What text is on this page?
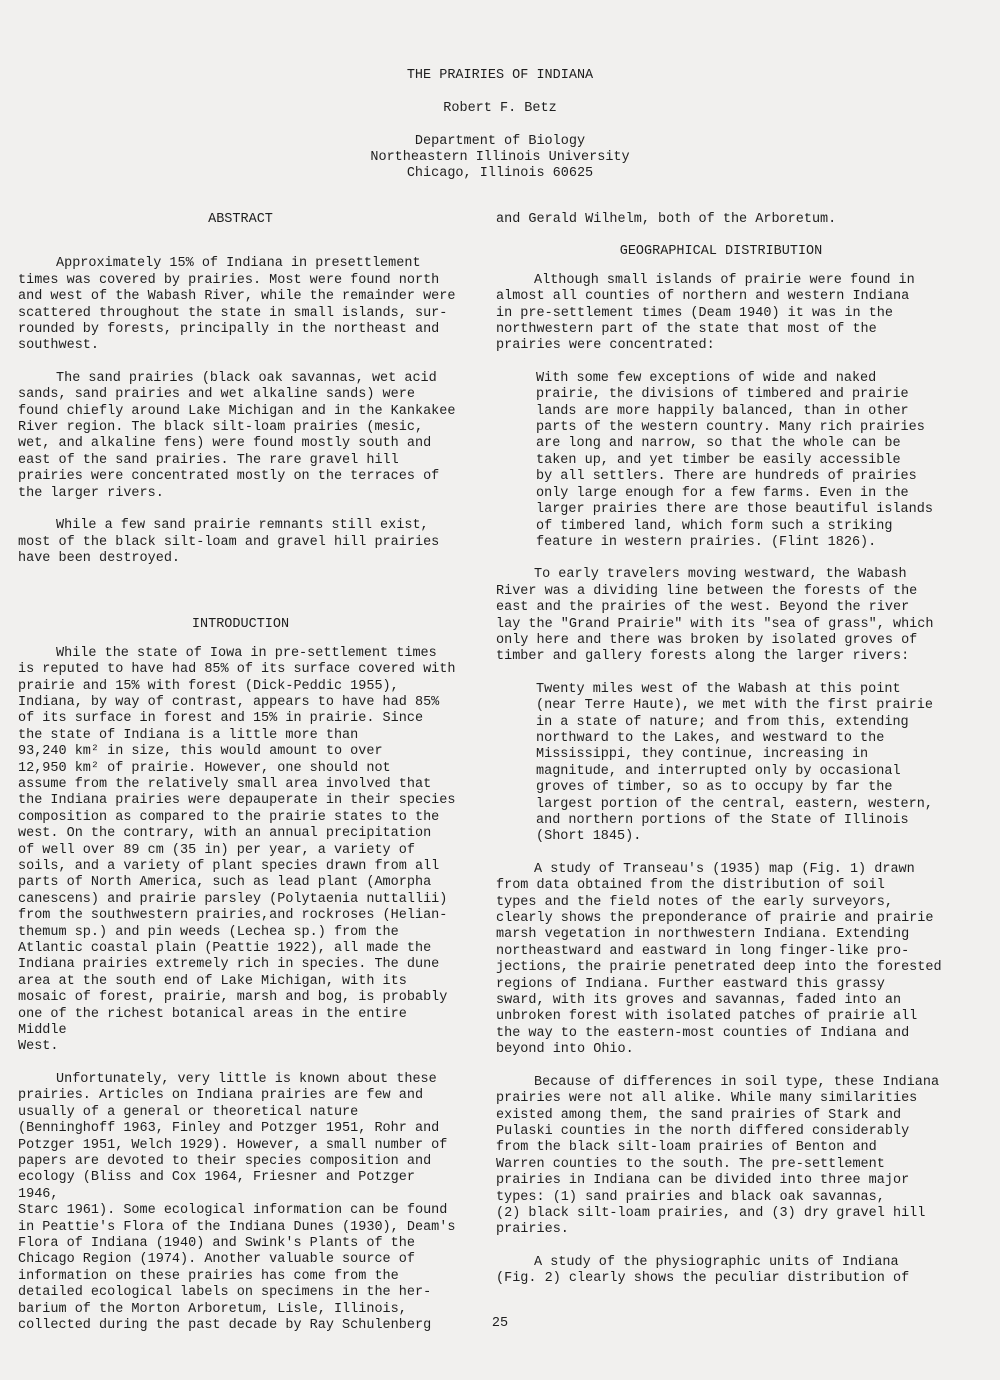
THE PRAIRIES OF INDIANA
Robert F. Betz
Department of Biology
Northeastern Illinois University
Chicago, Illinois 60625
ABSTRACT
Approximately 15% of Indiana in presettlement
times was covered by prairies. Most were found north
and west of the Wabash River, while the remainder were
scattered throughout the state in small islands, sur-
rounded by forests, principally in the northeast and
southwest.
The sand prairies (black oak savannas, wet acid
sands, sand prairies and wet alkaline sands) were
found chiefly around Lake Michigan and in the Kankakee
River region. The black silt-loam prairies (mesic,
wet, and alkaline fens) were found mostly south and
east of the sand prairies. The rare gravel hill
prairies were concentrated mostly on the terraces of
the larger rivers.
While a few sand prairie remnants still exist,
most of the black silt-loam and gravel hill prairies
have been destroyed.
INTRODUCTION
While the state of Iowa in pre-settlement times
is reputed to have had 85% of its surface covered with
prairie and 15% with forest (Dick-Peddic 1955),
Indiana, by way of contrast, appears to have had 85%
of its surface in forest and 15% in prairie. Since
the state of Indiana is a little more than
93,240 km² in size, this would amount to over
12,950 km² of prairie. However, one should not
assume from the relatively small area involved that
the Indiana prairies were depauperate in their species
composition as compared to the prairie states to the
west. On the contrary, with an annual precipitation
of well over 89 cm (35 in) per year, a variety of
soils, and a variety of plant species drawn from all
parts of North America, such as lead plant (Amorpha
canescens) and prairie parsley (Polytaenia nuttallii)
from the southwestern prairies,and rockroses (Helian-
themum sp.) and pin weeds (Lechea sp.) from the
Atlantic coastal plain (Peattie 1922), all made the
Indiana prairies extremely rich in species. The dune
area at the south end of Lake Michigan, with its
mosaic of forest, prairie, marsh and bog, is probably
one of the richest botanical areas in the entire Middle
West.
Unfortunately, very little is known about these
prairies. Articles on Indiana prairies are few and
usually of a general or theoretical nature
(Benninghoff 1963, Finley and Potzger 1951, Rohr and
Potzger 1951, Welch 1929). However, a small number of
papers are devoted to their species composition and
ecology (Bliss and Cox 1964, Friesner and Potzger 1946,
Starc 1961). Some ecological information can be found
in Peattie's Flora of the Indiana Dunes (1930), Deam's
Flora of Indiana (1940) and Swink's Plants of the
Chicago Region (1974). Another valuable source of
information on these prairies has come from the
detailed ecological labels on specimens in the her-
barium of the Morton Arboretum, Lisle, Illinois,
collected during the past decade by Ray Schulenberg
and Gerald Wilhelm, both of the Arboretum.
GEOGRAPHICAL DISTRIBUTION
Although small islands of prairie were found in
almost all counties of northern and western Indiana
in pre-settlement times (Deam 1940) it was in the
northwestern part of the state that most of the
prairies were concentrated:
With some few exceptions of wide and naked
prairie, the divisions of timbered and prairie
lands are more happily balanced, than in other
parts of the western country. Many rich prairies
are long and narrow, so that the whole can be
taken up, and yet timber be easily accessible
by all settlers. There are hundreds of prairies
only large enough for a few farms. Even in the
larger prairies there are those beautiful islands
of timbered land, which form such a striking
feature in western prairies. (Flint 1826).
To early travelers moving westward, the Wabash
River was a dividing line between the forests of the
east and the prairies of the west. Beyond the river
lay the "Grand Prairie" with its "sea of grass", which
only here and there was broken by isolated groves of
timber and gallery forests along the larger rivers:
Twenty miles west of the Wabash at this point
(near Terre Haute), we met with the first prairie
in a state of nature; and from this, extending
northward to the Lakes, and westward to the
Mississippi, they continue, increasing in
magnitude, and interrupted only by occasional
groves of timber, so as to occupy by far the
largest portion of the central, eastern, western,
and northern portions of the State of Illinois
(Short 1845).
A study of Transeau's (1935) map (Fig. 1) drawn
from data obtained from the distribution of soil
types and the field notes of the early surveyors,
clearly shows the preponderance of prairie and prairie
marsh vegetation in northwestern Indiana. Extending
northeastward and eastward in long finger-like pro-
jections, the prairie penetrated deep into the forested
regions of Indiana. Further eastward this grassy
sward, with its groves and savannas, faded into an
unbroken forest with isolated patches of prairie all
the way to the eastern-most counties of Indiana and
beyond into Ohio.
Because of differences in soil type, these Indiana
prairies were not all alike. While many similarities
existed among them, the sand prairies of Stark and
Pulaski counties in the north differed considerably
from the black silt-loam prairies of Benton and
Warren counties to the south. The pre-settlement
prairies in Indiana can be divided into three major
types: (1) sand prairies and black oak savannas,
(2) black silt-loam prairies, and (3) dry gravel hill
prairies.
A study of the physiographic units of Indiana
(Fig. 2) clearly shows the peculiar distribution of
25
